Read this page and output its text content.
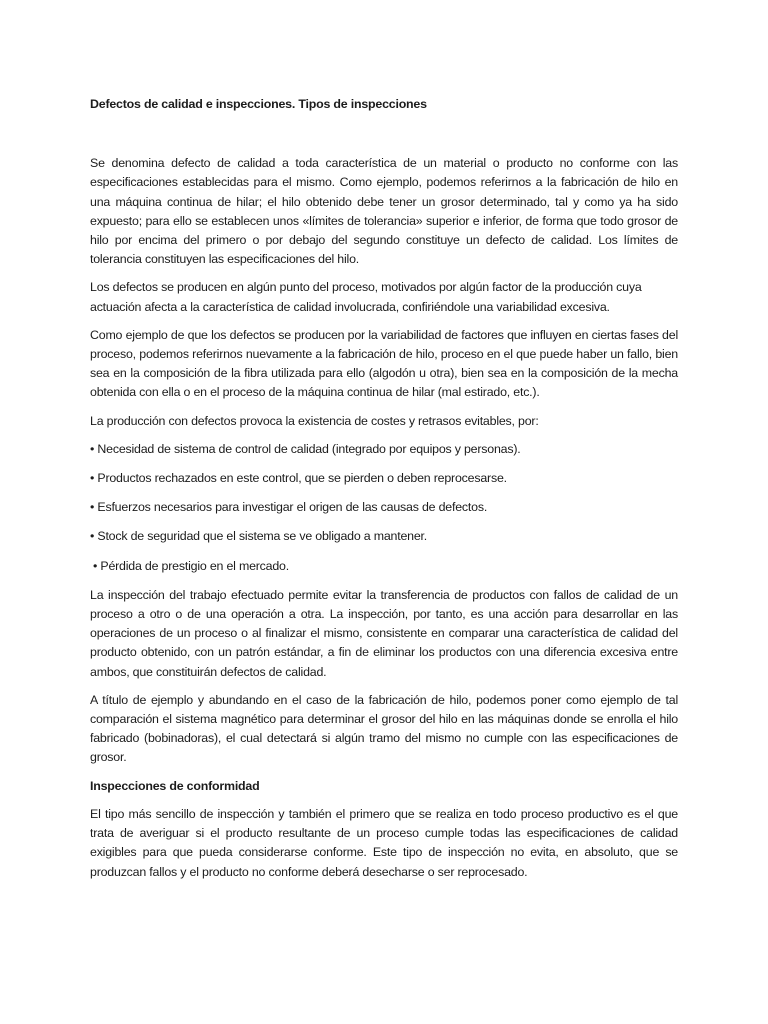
Defectos de calidad e inspecciones. Tipos de inspecciones

Se denomina defecto de calidad a toda característica de un material o producto no conforme con las especificaciones establecidas para el mismo. Como ejemplo, podemos referirnos a la fabricación de hilo en una máquina continua de hilar; el hilo obtenido debe tener un grosor determinado, tal y como ya ha sido expuesto; para ello se establecen unos «límites de tolerancia» superior e inferior, de forma que todo grosor de hilo por encima del primero o por debajo del segundo constituye un defecto de calidad. Los límites de tolerancia constituyen las especificaciones del hilo.

Los defectos se producen en algún punto del proceso, motivados por algún factor de la producción cuya actuación afecta a la característica de calidad involucrada, confiriéndole una variabilidad excesiva.

Como ejemplo de que los defectos se producen por la variabilidad de factores que influyen en ciertas fases del proceso, podemos referirnos nuevamente a la fabricación de hilo, proceso en el que puede haber un fallo, bien sea en la composición de la fibra utilizada para ello (algodón u otra), bien sea en la composición de la mecha obtenida con ella o en el proceso de la máquina continua de hilar (mal estirado, etc.).

La producción con defectos provoca la existencia de costes y retrasos evitables, por:

• Necesidad de sistema de control de calidad (integrado por equipos y personas).
• Productos rechazados en este control, que se pierden o deben reprocesarse.
• Esfuerzos necesarios para investigar el origen de las causas de defectos.
• Stock de seguridad que el sistema se ve obligado a mantener.
• Pérdida de prestigio en el mercado.

La inspección del trabajo efectuado permite evitar la transferencia de productos con fallos de calidad de un proceso a otro o de una operación a otra. La inspección, por tanto, es una acción para desarrollar en las operaciones de un proceso o al finalizar el mismo, consistente en comparar una característica de calidad del producto obtenido, con un patrón estándar, a fin de eliminar los productos con una diferencia excesiva entre ambos, que constituirán defectos de calidad.

A título de ejemplo y abundando en el caso de la fabricación de hilo, podemos poner como ejemplo de tal comparación el sistema magnético para determinar el grosor del hilo en las máquinas donde se enrolla el hilo fabricado (bobinadoras), el cual detectará si algún tramo del mismo no cumple con las especificaciones de grosor.

Inspecciones de conformidad

El tipo más sencillo de inspección y también el primero que se realiza en todo proceso productivo es el que trata de averiguar si el producto resultante de un proceso cumple todas las especificaciones de calidad exigibles para que pueda considerarse conforme. Este tipo de inspección no evita, en absoluto, que se produzcan fallos y el producto no conforme deberá desecharse o ser reprocesado.
